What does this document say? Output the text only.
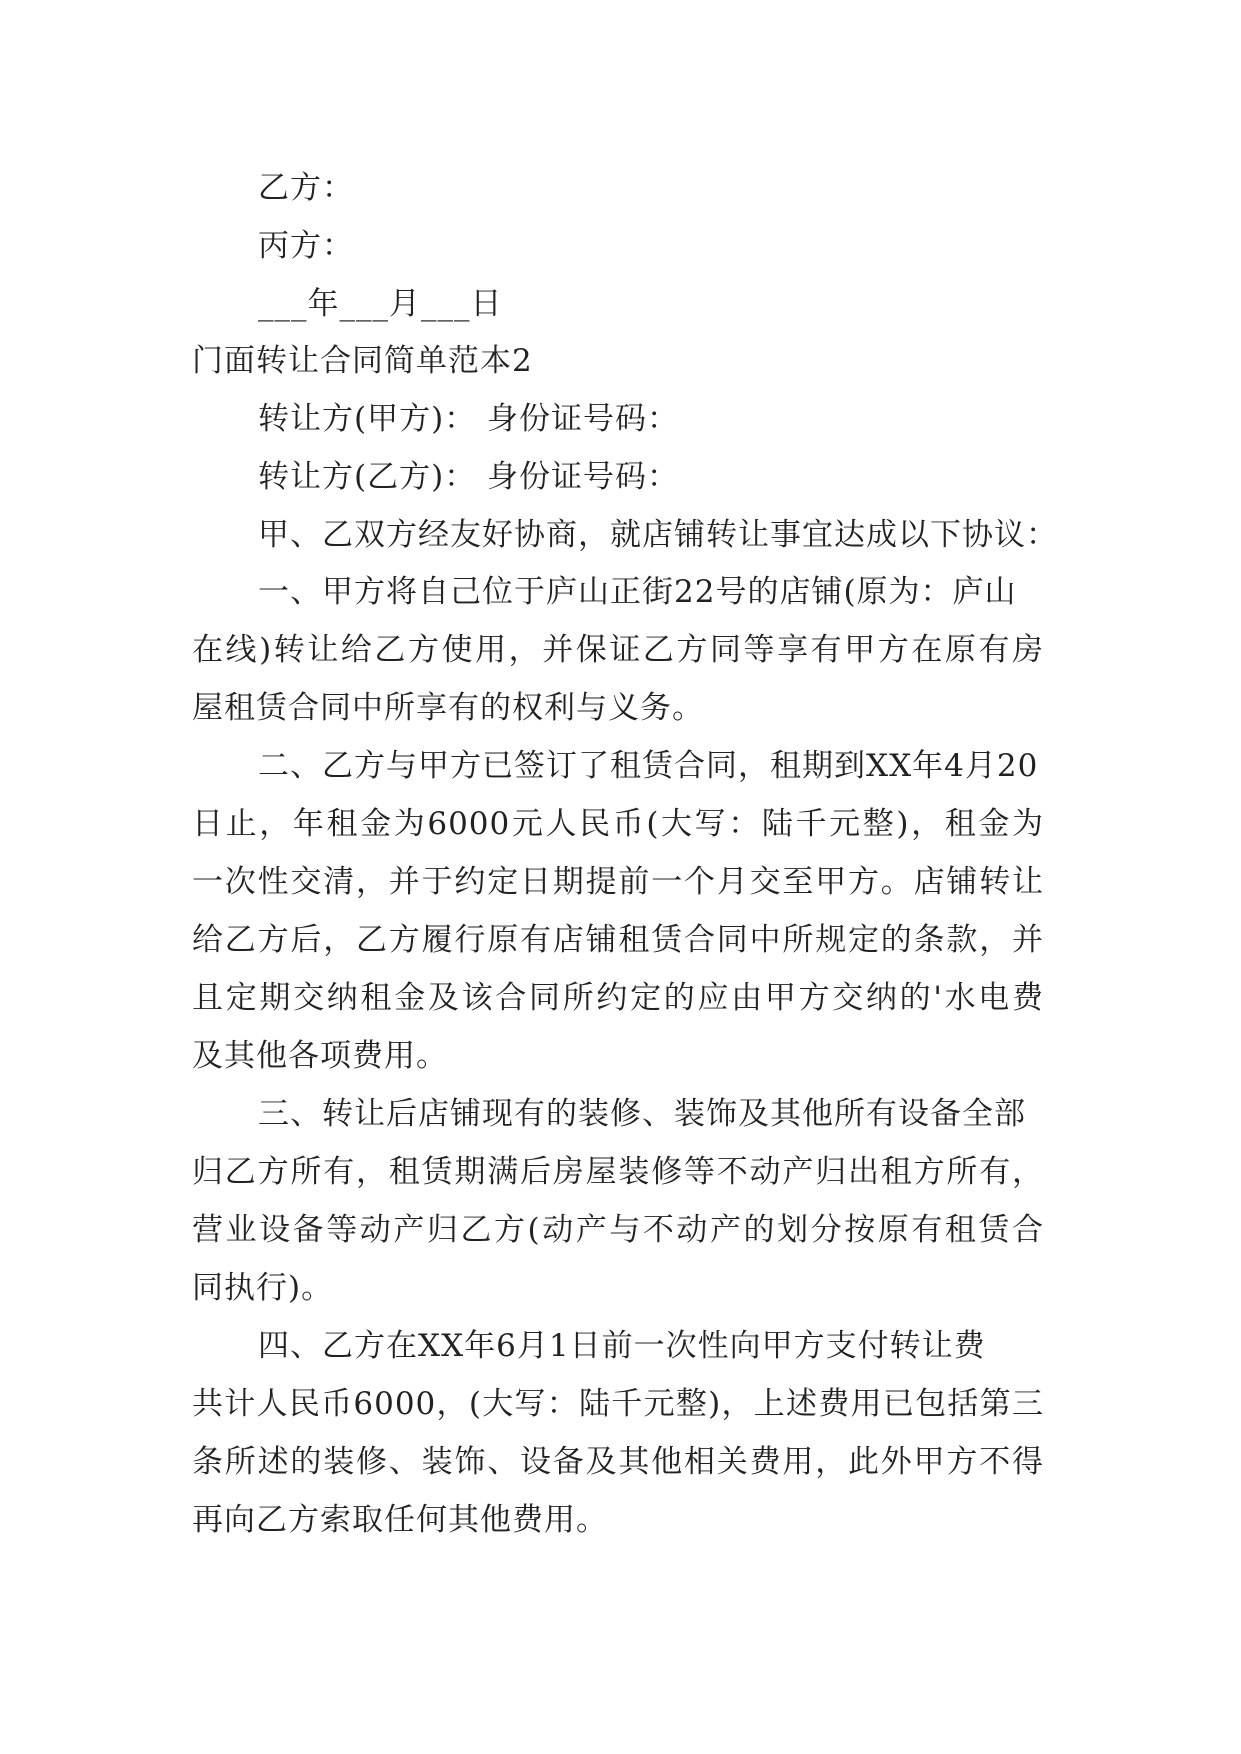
乙方：
丙方：
___年___月___日
门面转让合同简单范本2
转让方(甲方)： 身份证号码：
转让方(乙方)： 身份证号码：
甲、乙双方经友好协商，就店铺转让事宜达成以下协议：
一、甲方将自己位于庐山正街22号的店铺(原为：庐山
在线)转让给乙方使用，并保证乙方同等享有甲方在原有房
屋租赁合同中所享有的权利与义务。
二、乙方与甲方已签订了租赁合同，租期到XX年4月20
日止，年租金为6000元人民币(大写：陆千元整)，租金为
一次性交清，并于约定日期提前一个月交至甲方。店铺转让
给乙方后，乙方履行原有店铺租赁合同中所规定的条款，并
且定期交纳租金及该合同所约定的应由甲方交纳的'水电费
及其他各项费用。
三、转让后店铺现有的装修、装饰及其他所有设备全部
归乙方所有，租赁期满后房屋装修等不动产归出租方所有，
营业设备等动产归乙方(动产与不动产的划分按原有租赁合
同执行)。
四、乙方在XX年6月1日前一次性向甲方支付转让费
共计人民币6000，(大写：陆千元整)，上述费用已包括第三
条所述的装修、装饰、设备及其他相关费用，此外甲方不得
再向乙方索取任何其他费用。
